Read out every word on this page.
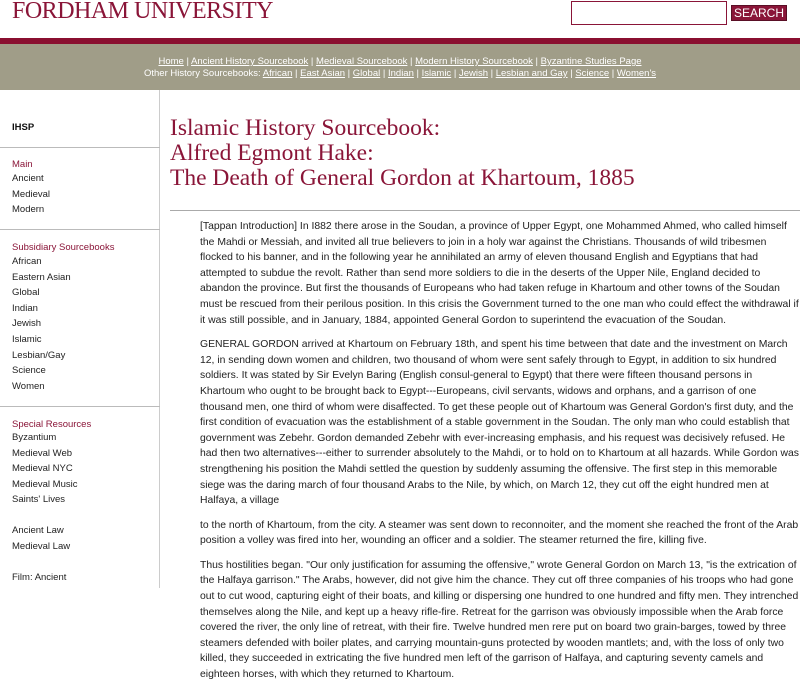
FORDHAM UNIVERSITY	SEARCH
Home | Ancient History Sourcebook | Medieval Sourcebook | Modern History Sourcebook | Byzantine Studies Page
Other History Sourcebooks: African | East Asian | Global | Indian | Islamic | Jewish | Lesbian and Gay | Science | Women's
IHSP
Main
Ancient
Medieval
Modern
Subsidiary Sourcebooks
African
Eastern Asian
Global
Indian
Jewish
Islamic
Lesbian/Gay
Science
Women
Special Resources
Byzantium
Medieval Web
Medieval NYC
Medieval Music
Saints' Lives
Ancient Law
Medieval Law
Film: Ancient
Islamic History Sourcebook:
Alfred Egmont Hake:
The Death of General Gordon at Khartoum, 1885

[Tappan Introduction] In I882 there arose in the Soudan, a province of Upper Egypt, one Mohammed Ahmed, who called himself the Mahdi or Messiah, and invited all true believers to join in a holy war against the Christians. Thousands of wild tribesmen flocked to his banner, and in the following year he annihilated an army of eleven thousand English and Egyptians that had attempted to subdue the revolt. Rather than send more soldiers to die in the deserts of the Upper Nile, England decided to abandon the province. But first the thousands of Europeans who had taken refuge in Khartoum and other towns of the Soudan must be rescued from their perilous position. In this crisis the Government turned to the one man who could effect the withdrawal if it was still possible, and in January, 1884, appointed General Gordon to superintend the evacuation of the Soudan.

GENERAL GORDON arrived at Khartoum on February 18th, and spent his time between that date and the investment on March 12, in sending down women and children, two thousand of whom were sent safely through to Egypt, in addition to six hundred soldiers. It was stated by Sir Evelyn Baring (English consul-general to Egypt) that there were fifteen thousand persons in Khartoum who ought to be brought back to Egypt---Europeans, civil servants, widows and orphans, and a garrison of one thousand men, one third of whom were disaffected. To get these people out of Khartoum was General Gordon's first duty, and the first condition of evacuation was the establishment of a stable government in the Soudan. The only man who could establish that government was Zebehr. Gordon demanded Zebehr with ever-increasing emphasis, and his request was decisively refused. He had then two alternatives---either to surrender absolutely to the Mahdi, or to hold on to Khartoum at all hazards. While Gordon was strengthening his position the Mahdi settled the question by suddenly assuming the offensive. The first step in this memorable siege was the daring march of four thousand Arabs to the Nile, by which, on March 12, they cut off the eight hundred men at Halfaya, a village

to the north of Khartoum, from the city. A steamer was sent down to reconnoiter, and the moment she reached the front of the Arab position a volley was fired into her, wounding an officer and a soldier. The steamer returned the fire, killing five.

Thus hostilities began. "Our only justification for assuming the offensive," wrote General Gordon on March 13, "is the extrication of the Halfaya garrison." The Arabs, however, did not give him the chance. They cut off three companies of his troops who had gone out to cut wood, capturing eight of their boats, and killing or dispersing one hundred to one hundred and fifty men. They intrenched themselves along the Nile, and kept up a heavy rifle-fire. Retreat for the garrison was obviously impossible when the Arab force covered the river, the only line of retreat, with their fire. Twelve hundred men rere put on board two grain-barges, towed by three steamers defended with boiler plates, and carrying mountain-guns protected by wooden mantlets; and, with the loss of only two killed, they succeeded in extricating the five hundred men left of the garrison of Halfaya, and capturing seventy camels and eighteen horses, with which they returned to Khartoum.
